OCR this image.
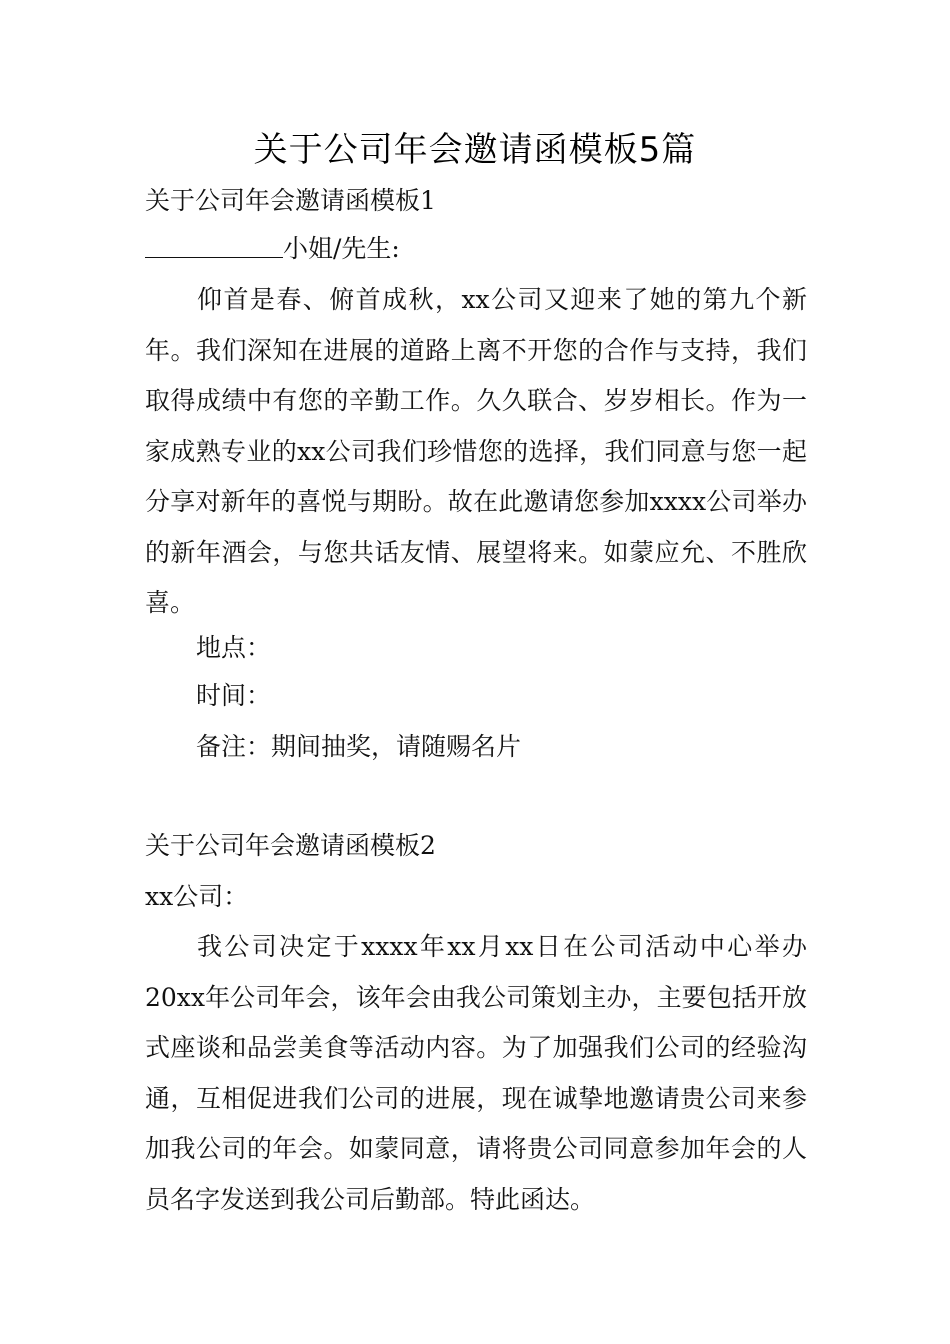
关于公司年会邀请函模板5篇
关于公司年会邀请函模板1
小姐/先生:

仰首是春、俯首成秋，xx公司又迎来了她的第九个新年。我们深知在进展的道路上离不开您的合作与支持，我们取得成绩中有您的辛勤工作。久久联合、岁岁相长。作为一家成熟专业的xx公司我们珍惜您的选择，我们同意与您一起分享对新年的喜悦与期盼。故在此邀请您参加xxxx公司举办的新年酒会，与您共话友情、展望将来。如蒙应允、不胜欣喜。

地点：
时间：
备注：期间抽奖，请随赐名片
关于公司年会邀请函模板2
xx公司：

我公司决定于xxxx年xx月xx日在公司活动中心举办20xx年公司年会，该年会由我公司策划主办，主要包括开放式座谈和品尝美食等活动内容。为了加强我们公司的经验沟通，互相促进我们公司的进展，现在诚挚地邀请贵公司来参加我公司的年会。如蒙同意，请将贵公司同意参加年会的人员名字发送到我公司后勤部。特此函达。
